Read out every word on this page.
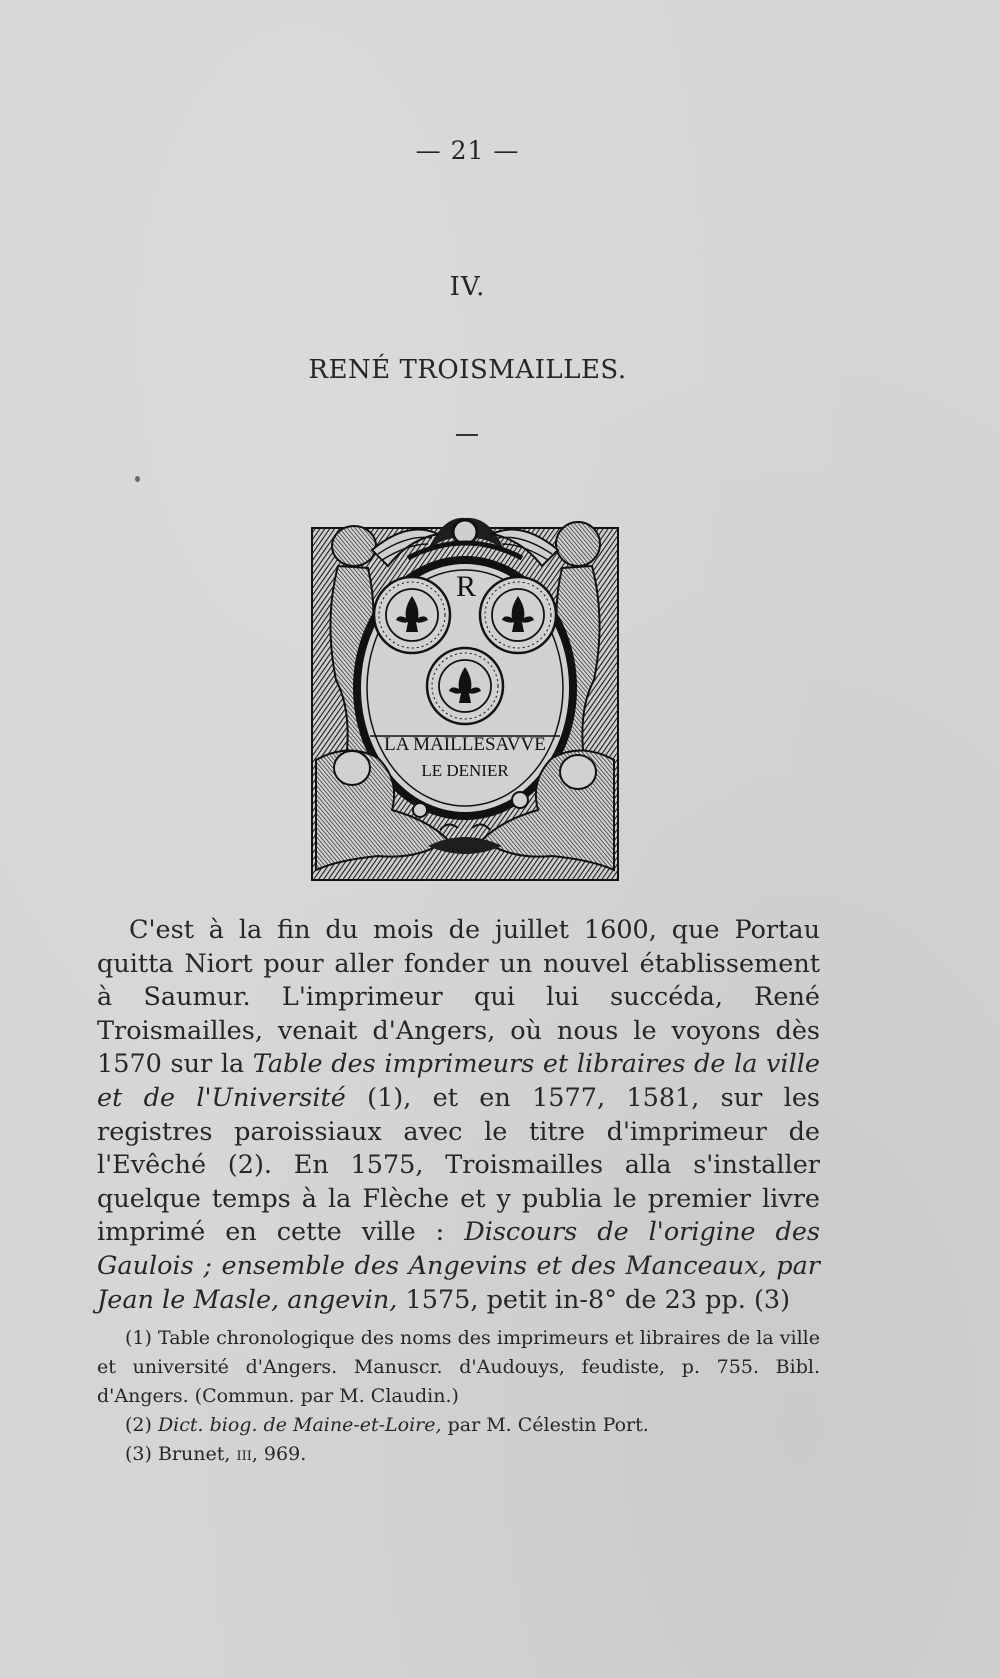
— 21 —
IV.
RENÉ TROISMAILLES.
R
LA MAILLESAVVE
LE DENIER

C'est à la fin du mois de juillet 1600, que Portau quitta Niort pour aller fonder un nouvel établissement à Saumur. L'imprimeur qui lui succéda, René Troismailles, venait d'Angers, où nous le voyons dès 1570 sur la Table des imprimeurs et libraires de la ville et de l'Université (1), et en 1577, 1581, sur les registres paroissiaux avec le titre d'imprimeur de l'Evêché (2). En 1575, Troismailles alla s'installer quelque temps à la Flèche et y publia le premier livre imprimé en cette ville : Discours de l'origine des Gaulois ; ensemble des Angevins et des Manceaux, par Jean le Masle, angevin, 1575, petit in-8° de 23 pp. (3)

(1) Table chronologique des noms des imprimeurs et libraires de la ville et université d'Angers. Manuscr. d'Audouys, feudiste, p. 755. Bibl. d'Angers. (Commun. par M. Claudin.)

(2) Dict. biog. de Maine-et-Loire, par M. Célestin Port.

(3) Brunet, iii, 969.
